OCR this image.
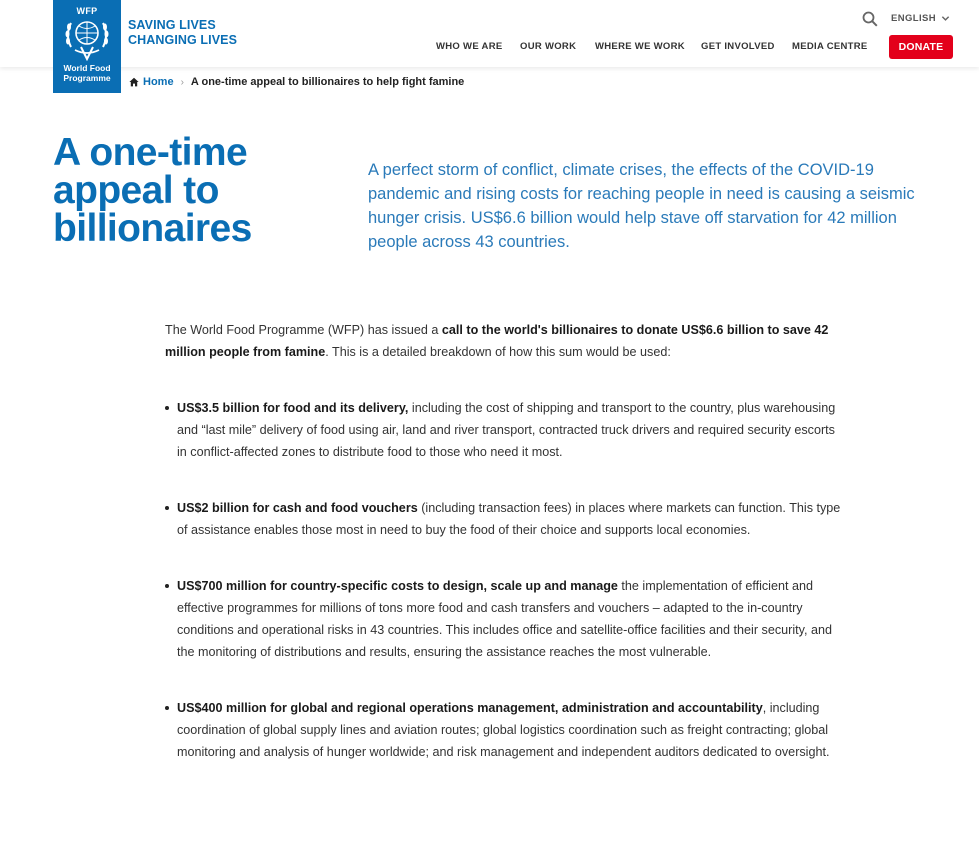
SAVING LIVES
CHANGING LIVES
ENGLISH
WHO WE ARE OUR WORK WHERE WE WORK GET INVOLVED MEDIA CENTRE	DONATE
WFP
World Food
Programme	Home › A one-time appeal to billionaires to help fight famine
A one-time appeal to billionaires

A perfect storm of conflict, climate crises, the effects of the COVID-19 pandemic and rising costs for reaching people in need is causing a seismic hunger crisis. US$6.6 billion would help stave off starvation for 42 million people across 43 countries.

The World Food Programme (WFP) has issued a call to the world's billionaires to donate US$6.6 billion to save 42 million people from famine. This is a detailed breakdown of how this sum would be used:

US$3.5 billion for food and its delivery, including the cost of shipping and transport to the country, plus warehousing and “last mile” delivery of food using air, land and river transport, contracted truck drivers and required security escorts in conflict-affected zones to distribute food to those who need it most.
US$2 billion for cash and food vouchers (including transaction fees) in places where markets can function. This type of assistance enables those most in need to buy the food of their choice and supports local economies.
US$700 million for country-specific costs to design, scale up and manage the implementation of efficient and effective programmes for millions of tons more food and cash transfers and vouchers – adapted to the in-country conditions and operational risks in 43 countries. This includes office and satellite-office facilities and their security, and the monitoring of distributions and results, ensuring the assistance reaches the most vulnerable.
US$400 million for global and regional operations management, administration and accountability, including coordination of global supply lines and aviation routes; global logistics coordination such as freight contracting; global monitoring and analysis of hunger worldwide; and risk management and independent auditors dedicated to oversight.
